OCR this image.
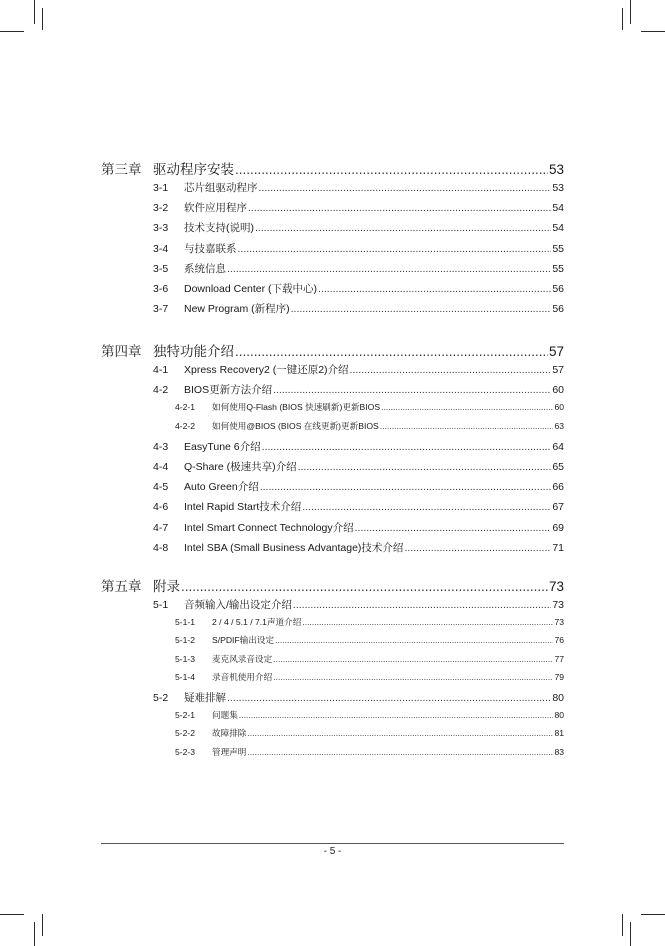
第三章 驱动程序安装 .....	53
3-1	芯片组驱动程序 .....	53
3-2	软件应用程序 .....	54
3-3	技术支持(说明) .....	54
3-4	与技嘉联系 .....	55
3-5	系统信息 .....	55
3-6	Download Center (下载中心) .....	56
3-7	New Program (新程序) .....	56
第四章 独特功能介绍 .....	57
4-1	Xpress Recovery2 (一键还原2)介绍 .....	57
4-2	BIOS更新方法介绍 .....	60
4-2-1	如何使用Q-Flash (BIOS 快速刷新)更新BIOS .....	60
4-2-2	如何使用@BIOS (BIOS 在线更新)更新BIOS .....	63
4-3	EasyTune 6介绍 .....	64
4-4	Q-Share (极速共享)介绍 .....	65
4-5	Auto Green介绍 .....	66
4-6	Intel Rapid Start技术介绍 .....	67
4-7	Intel Smart Connect Technology介绍 .....	69
4-8	Intel SBA (Small Business Advantage)技术介绍 .....	71
第五章 附录 .....	73
5-1	音频输入/输出设定介绍 .....	73
5-1-1	2 / 4 / 5.1 / 7.1声道介绍 .....	73
5-1-2	S/PDIF输出设定 .....	76
5-1-3	麦克风录音设定 .....	77
5-1-4	录音机使用介绍 .....	79
5-2	疑难排解 .....	80
5-2-1	问题集 .....	80
5-2-2	故障排除 .....	81
5-2-3	管理声明 .....	83
- 5 -
